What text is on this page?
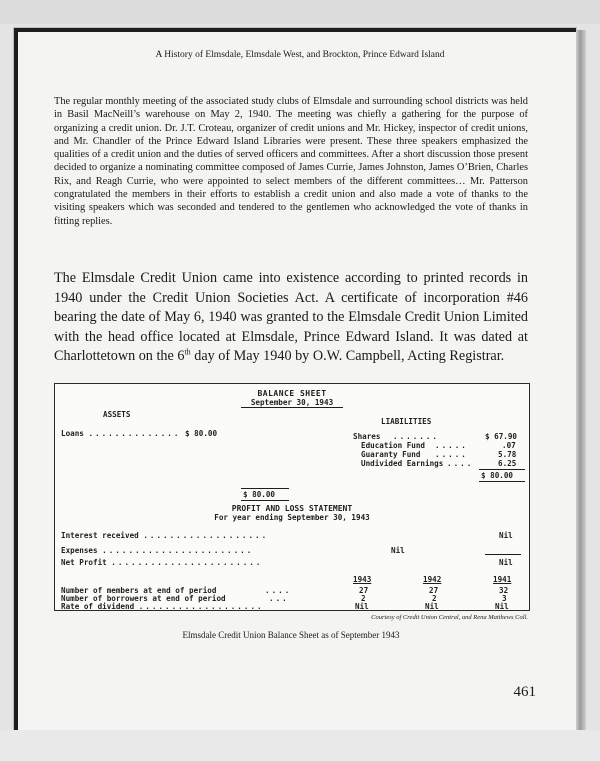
A History of Elmsdale, Elmsdale West, and Brockton, Prince Edward Island
The regular monthly meeting of the associated study clubs of Elmsdale and surrounding school districts was held in Basil MacNeill’s warehouse on May 2, 1940. The meeting was chiefly a gathering for the purpose of organizing a credit union. Dr. J.T. Croteau, organizer of credit unions and Mr. Hickey, inspector of credit unions, and Mr. Chandler of the Prince Edward Island Libraries were present. These three speakers emphasized the qualities of a credit union and the duties of served officers and committees. After a short discussion those present decided to organize a nominating committee composed of James Currie, James Johnston, James O’Brien, Charles Rix, and Reagh Currie, who were appointed to select members of the different committees… Mr. Patterson congratulated the members in their efforts to establish a credit union and also made a vote of thanks to the visiting speakers which was seconded and tendered to the gentlemen who acknowledged the vote of thanks in fitting replies.
The Elmsdale Credit Union came into existence according to printed records in 1940 under the Credit Union Societies Act. A certificate of incorporation #46 bearing the date of May 6, 1940 was granted to the Elmsdale Credit Union Limited with the head office located at Elmsdale, Prince Edward Island. It was dated at Charlottetown on the 6th day of May 1940 by O.W. Campbell, Acting Registrar.
BALANCE SHEET
September 30, 1943
ASSETS
LIABILITIES
Loans .............. $ 80.00
$ 80.00
Shares .......	$ 67.90
Education Fund .....	.07
Guaranty Fund .....	5.78
Undivided Earnings ....	6.25
$ 80.00
PROFIT AND LOSS STATEMENT
For year ending September 30, 1943
Interest received ...................	Nil
Expenses .......................	Nil
Net Profit .......................	Nil
1943	1942	1941
Number of members at end of period	....	27	27	32
Number of borrowers at end of period	...	2	2	3
Rate of dividend ...................	Nil	Nil	Nil
Courtesy of Credit Union Central, and Rena Matthews Coll.
Elmsdale Credit Union Balance Sheet as of September 1943
461
